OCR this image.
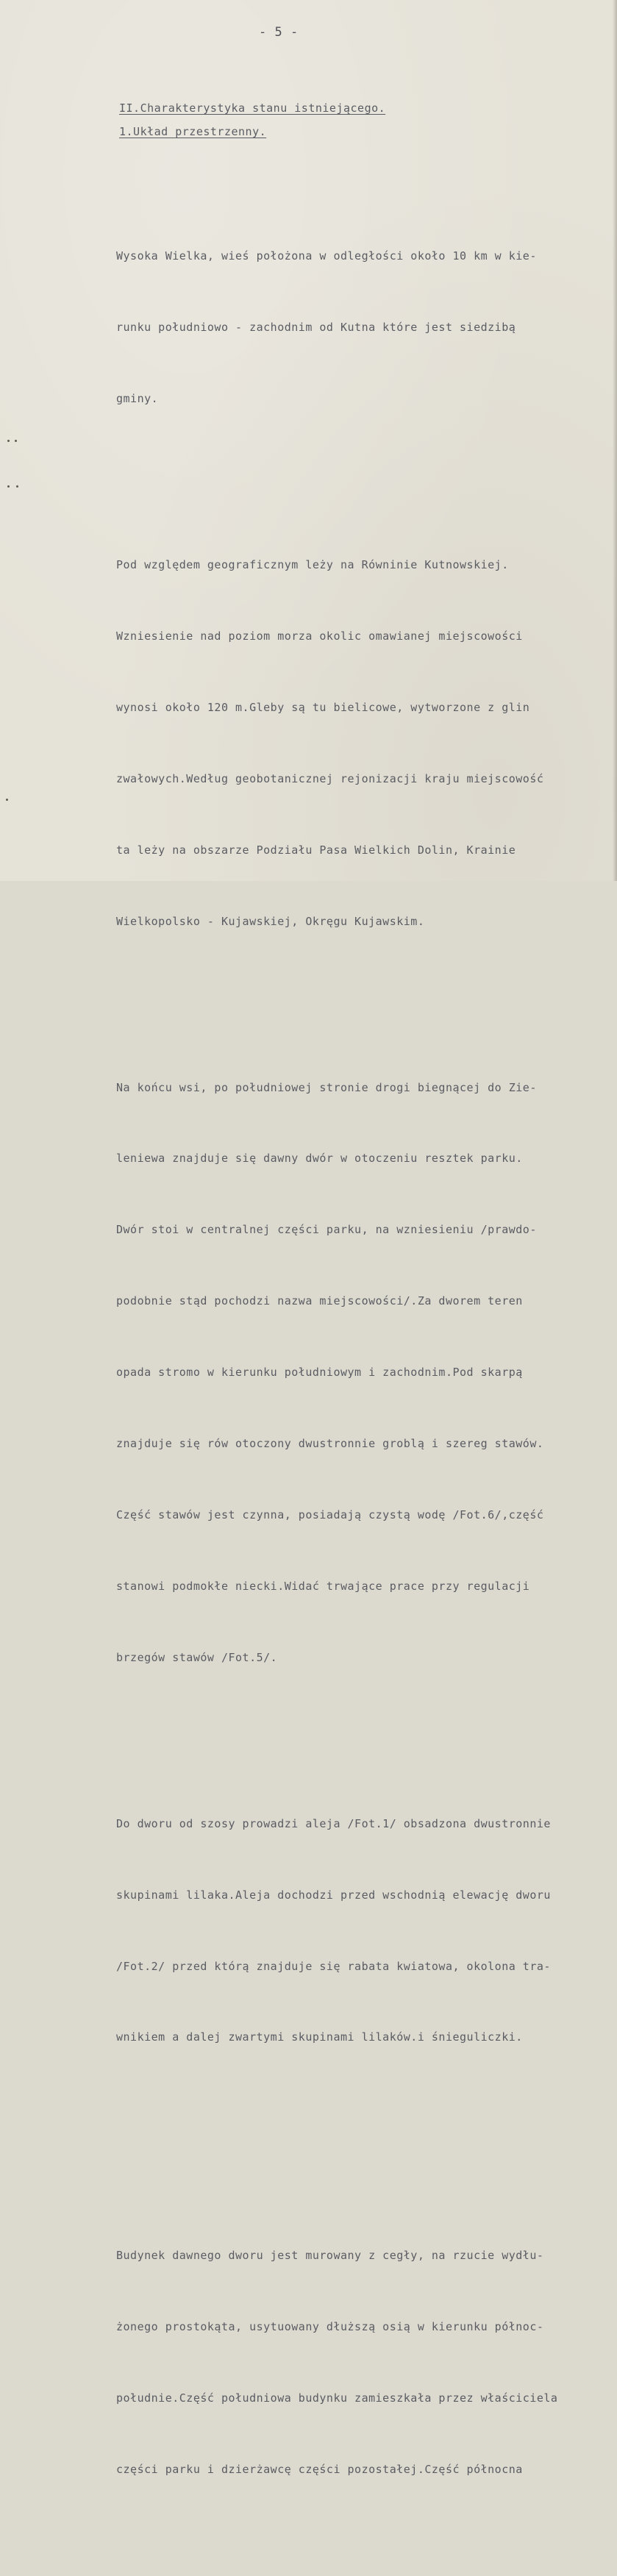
- 5 -
II.Charakterystyka stanu istniejącego.
1.Układ przestrzenny.

Wysoka Wielka, wieś położona w odległości około 10 km w kie-

runku południowo - zachodnim od Kutna które jest siedzibą

gminy.

Pod względem geograficznym leży na Równinie Kutnowskiej.

Wzniesienie nad poziom morza okolic omawianej miejscowości

wynosi około 120 m.Gleby są tu bielicowe, wytworzone z glin

zwałowych.Według geobotanicznej rejonizacji kraju miejscowość

ta leży na obszarze Podziału Pasa Wielkich Dolin, Krainie

Wielkopolsko - Kujawskiej, Okręgu Kujawskim.

Na końcu wsi, po południowej stronie drogi biegnącej do Zie-

leniewa znajduje się dawny dwór w otoczeniu resztek parku.

Dwór stoi w centralnej części parku, na wzniesieniu /prawdo-

podobnie stąd pochodzi nazwa miejscowości/.Za dworem teren

opada stromo w kierunku południowym i zachodnim.Pod skarpą

znajduje się rów otoczony dwustronnie groblą i szereg stawów.

Część stawów jest czynna, posiadają czystą wodę /Fot.6/,część

stanowi podmokłe niecki.Widać trwające prace przy regulacji

brzegów stawów /Fot.5/.

Do dworu od szosy prowadzi aleja /Fot.1/ obsadzona dwustronnie

skupinami lilaka.Aleja dochodzi przed wschodnią elewację dworu

/Fot.2/ przed którą znajduje się rabata kwiatowa, okolona tra-

wnikiem a dalej zwartymi skupinami lilaków.i śnieguliczki.

Budynek dawnego dworu jest murowany z cegły, na rzucie wydłu-

żonego prostokąta, usytuowany dłuższą osią w kierunku północ-

południe.Część południowa budynku zamieszkała przez właściciela

części parku i dzierżawcę części pozostałej.Część północna
